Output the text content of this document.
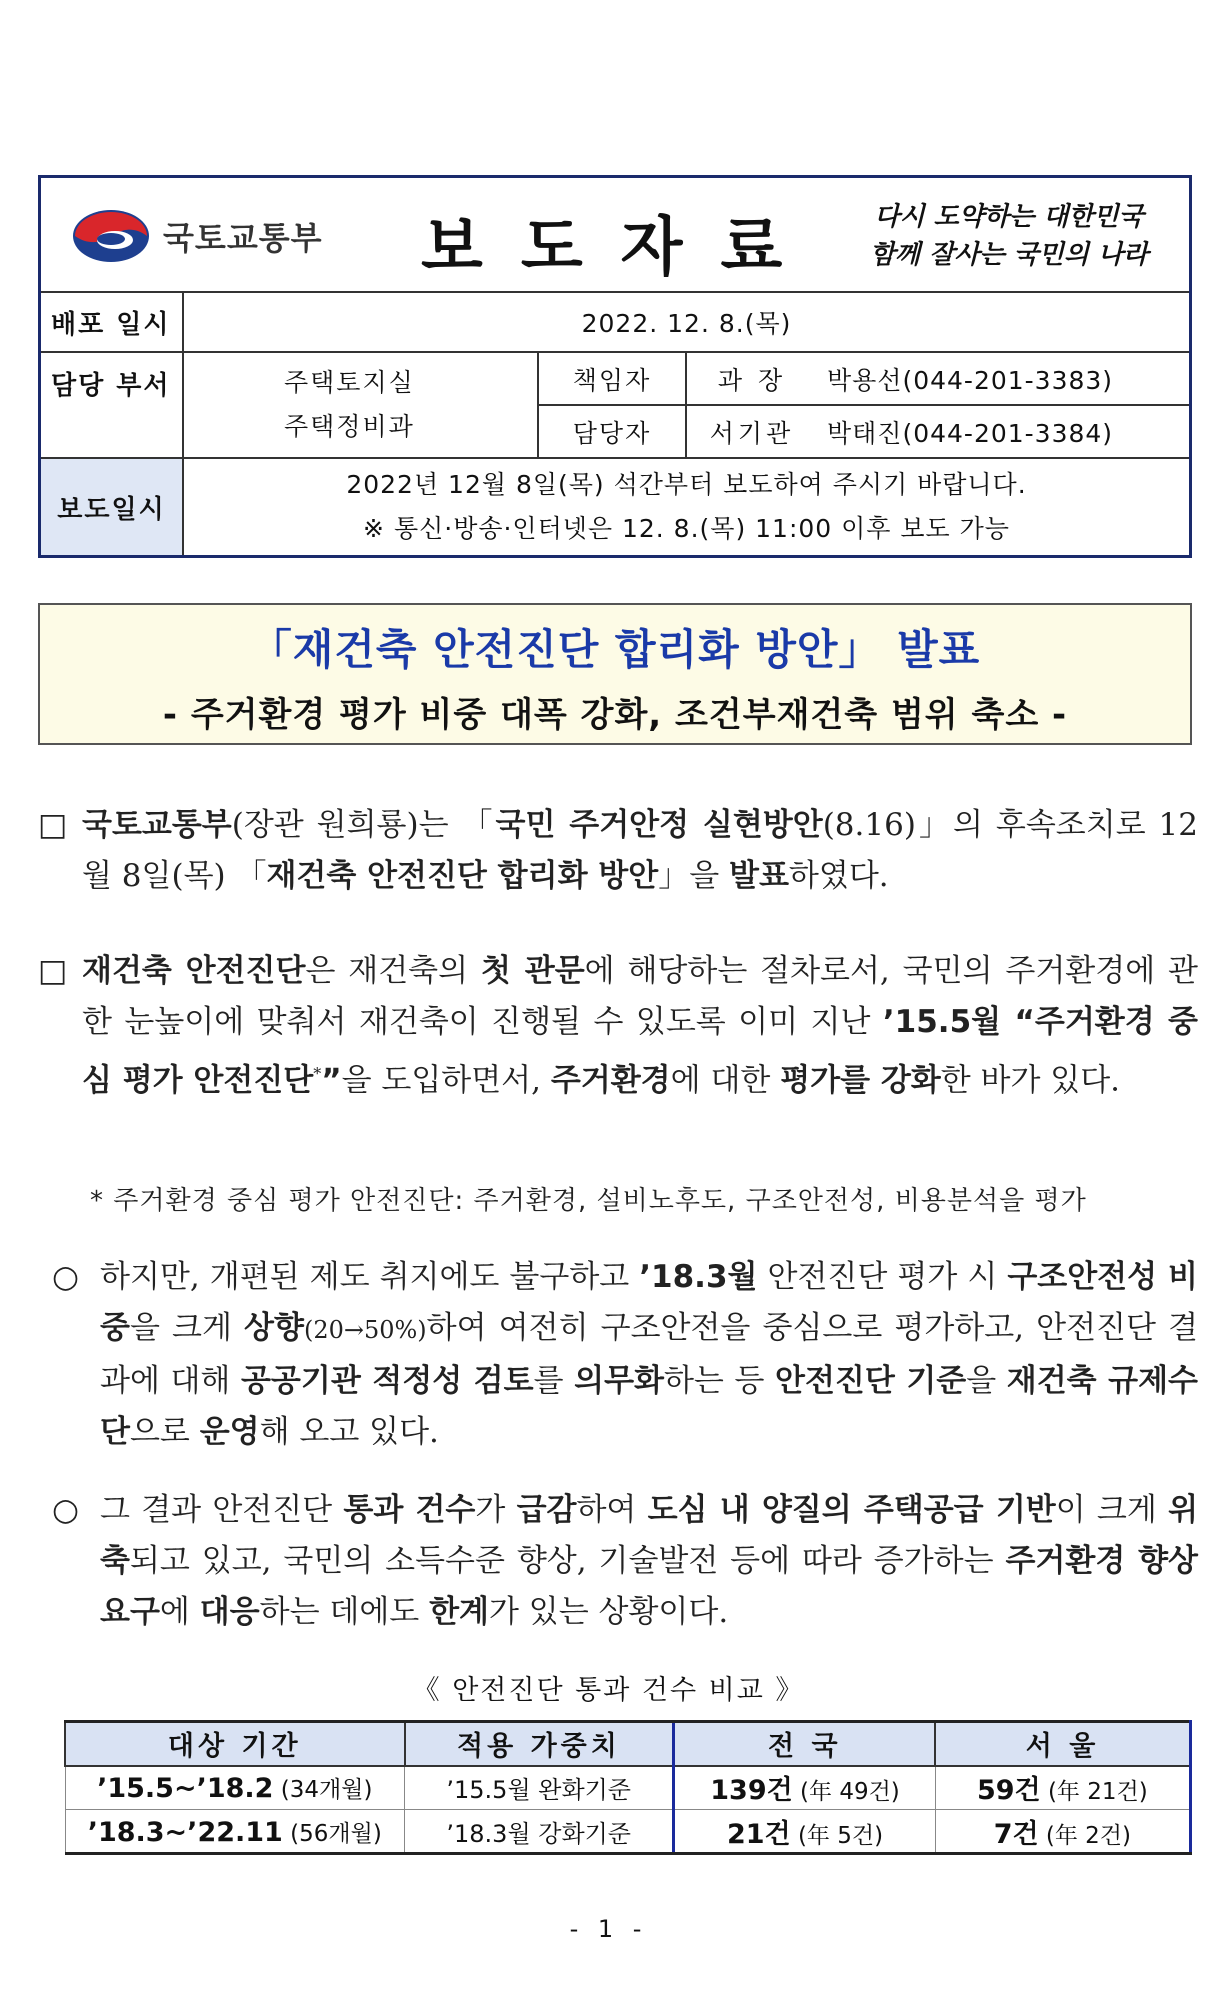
국토교통부 보도자료 다시 도약하는 대한민국
함께 잘사는 국민의 나라
배포 일시	2022. 12. 8.(목)
담당 부서	주택토지실
주택정비과
책임자	과 장	박용선(044-201-3383)
담당자	서기관	박태진(044-201-3384)
보도일시
2022년 12월 8일(목) 석간부터 보도하여 주시기 바랍니다.
※ 통신·방송·인터넷은 12. 8.(목) 11:00 이후 보도 가능
「재건축 안전진단 합리화 방안」 발표
- 주거환경 평가 비중 대폭 강화, 조건부재건축 범위 축소 -
□ 국토교통부(장관 원희룡)는 「국민 주거안정 실현방안(8.16)」의 후속조치로 12월 8일(목) 「재건축 안전진단 합리화 방안」을 발표하였다.
□ 재건축 안전진단은 재건축의 첫 관문에 해당하는 절차로서, 국민의 주거환경에 관한 눈높이에 맞춰서 재건축이 진행될 수 있도록 이미 지난 ’15.5월 “주거환경 중심 평가 안전진단*”을 도입하면서, 주거환경에 대한 평가를 강화한 바가 있다.
* 주거환경 중심 평가 안전진단: 주거환경, 설비노후도, 구조안전성, 비용분석을 평가
○ 하지만, 개편된 제도 취지에도 불구하고 ’18.3월 안전진단 평가 시 구조안전성 비중을 크게 상향(20→50%)하여 여전히 구조안전을 중심으로 평가하고, 안전진단 결과에 대해 공공기관 적정성 검토를 의무화하는 등 안전진단 기준을 재건축 규제수단으로 운영해 오고 있다.
○ 그 결과 안전진단 통과 건수가 급감하여 도심 내 양질의 주택공급 기반이 크게 위축되고 있고, 국민의 소득수준 향상, 기술발전 등에 따라 증가하는 주거환경 향상 요구에 대응하는 데에도 한계가 있는 상황이다.
《 안전진단 통과 건수 비교 》
대상 기간	적용 가중치	전 국	서 울
’15.5~’18.2 (34개월)	’15.5월 완화기준	139건 (年 49건)	59건 (年 21건)
’18.3~’22.11 (56개월)	’18.3월 강화기준	21건 (年 5건)	7건 (年 2건)
- 1 -
